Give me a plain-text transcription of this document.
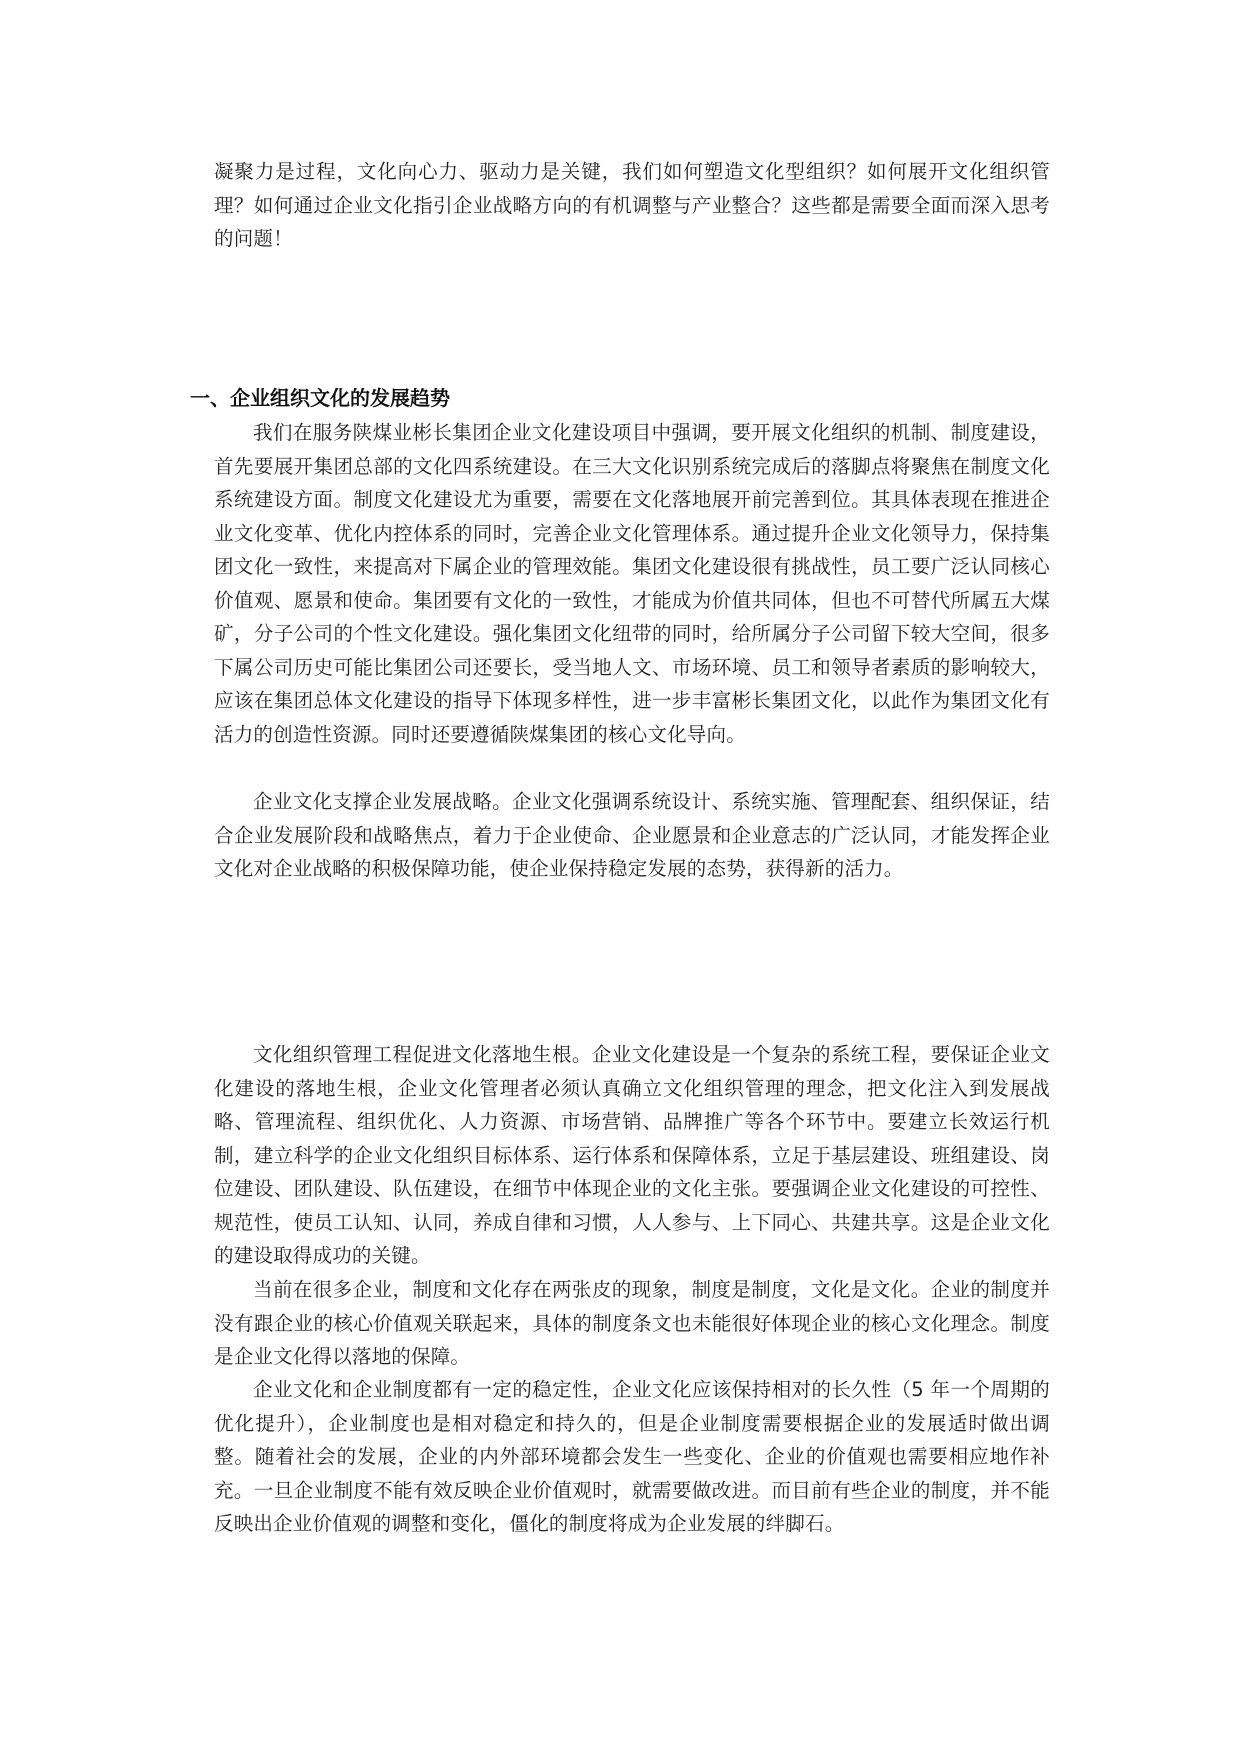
凝聚力是过程，文化向心力、驱动力是关键，我们如何塑造文化型组织？如何展开文化组织管理？如何通过企业文化指引企业战略方向的有机调整与产业整合？这些都是需要全面而深入思考的问题！

一、企业组织文化的发展趋势

我们在服务陕煤业彬长集团企业文化建设项目中强调，要开展文化组织的机制、制度建设，首先要展开集团总部的文化四系统建设。在三大文化识别系统完成后的落脚点将聚焦在制度文化系统建设方面。制度文化建设尤为重要，需要在文化落地展开前完善到位。其具体表现在推进企业文化变革、优化内控体系的同时，完善企业文化管理体系。通过提升企业文化领导力，保持集团文化一致性，来提高对下属企业的管理效能。集团文化建设很有挑战性，员工要广泛认同核心价值观、愿景和使命。集团要有文化的一致性，才能成为价值共同体，但也不可替代所属五大煤矿，分子公司的个性文化建设。强化集团文化纽带的同时，给所属分子公司留下较大空间，很多下属公司历史可能比集团公司还要长，受当地人文、市场环境、员工和领导者素质的影响较大，应该在集团总体文化建设的指导下体现多样性，进一步丰富彬长集团文化，以此作为集团文化有活力的创造性资源。同时还要遵循陕煤集团的核心文化导向。

企业文化支撑企业发展战略。企业文化强调系统设计、系统实施、管理配套、组织保证，结合企业发展阶段和战略焦点，着力于企业使命、企业愿景和企业意志的广泛认同，才能发挥企业文化对企业战略的积极保障功能，使企业保持稳定发展的态势，获得新的活力。

文化组织管理工程促进文化落地生根。企业文化建设是一个复杂的系统工程，要保证企业文化建设的落地生根，企业文化管理者必须认真确立文化组织管理的理念，把文化注入到发展战略、管理流程、组织优化、人力资源、市场营销、品牌推广等各个环节中。要建立长效运行机制，建立科学的企业文化组织目标体系、运行体系和保障体系，立足于基层建设、班组建设、岗位建设、团队建设、队伍建设，在细节中体现企业的文化主张。要强调企业文化建设的可控性、规范性，使员工认知、认同，养成自律和习惯，人人参与、上下同心、共建共享。这是企业文化的建设取得成功的关键。

当前在很多企业，制度和文化存在两张皮的现象，制度是制度，文化是文化。企业的制度并没有跟企业的核心价值观关联起来，具体的制度条文也未能很好体现企业的核心文化理念。制度是企业文化得以落地的保障。

企业文化和企业制度都有一定的稳定性，企业文化应该保持相对的长久性（5 年一个周期的优化提升），企业制度也是相对稳定和持久的，但是企业制度需要根据企业的发展适时做出调整。随着社会的发展，企业的内外部环境都会发生一些变化、企业的价值观也需要相应地作补充。一旦企业制度不能有效反映企业价值观时，就需要做改进。而目前有些企业的制度，并不能反映出企业价值观的调整和变化，僵化的制度将成为企业发展的绊脚石。
